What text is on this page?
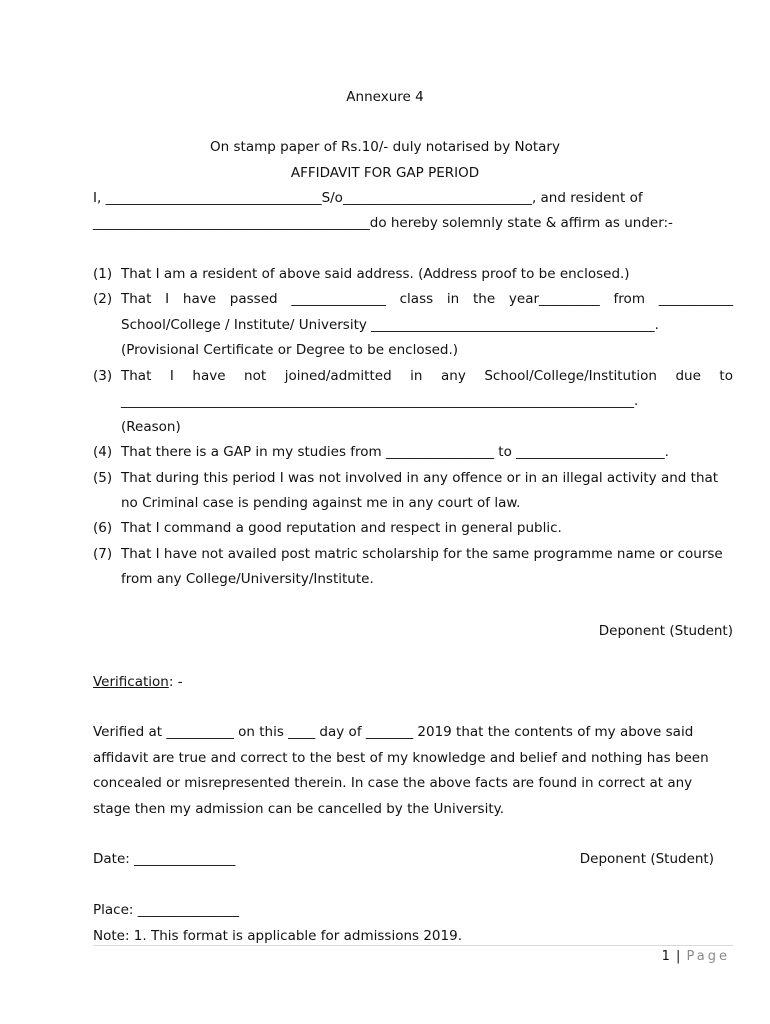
Annexure 4
On stamp paper of Rs.10/- duly notarised by Notary
AFFIDAVIT FOR GAP PERIOD
I, ________________________________S/o____________________________, and resident of
_________________________________________do hereby solemnly state & affirm as under:-
(1) That I am a resident of above said address. (Address proof to be enclosed.)
(2) That I have passed ______________ class in the year_________ from ___________
School/College / Institute/ University __________________________________________.
(Provisional Certificate or Degree to be enclosed.)
(3) That I have not joined/admitted in any School/College/Institution due to
____________________________________________________________________________.
(Reason)
(4) That there is a GAP in my studies from ________________ to ______________________.
(5) That during this period I was not involved in any offence or in an illegal activity and that
no Criminal case is pending against me in any court of law.
(6) That I command a good reputation and respect in general public.
(7) That I have not availed post matric scholarship for the same programme name or course
from any College/University/Institute.
Deponent (Student)
Verification: -
Verified at __________ on this ____ day of _______ 2019 that the contents of my above said
affidavit are true and correct to the best of my knowledge and belief and nothing has been
concealed or misrepresented therein. In case the above facts are found in correct at any
stage then my admission can be cancelled by the University.
Date: _______________	Deponent (Student)
Place: _______________
Note: 1. This format is applicable for admissions 2019.
1 | Page
